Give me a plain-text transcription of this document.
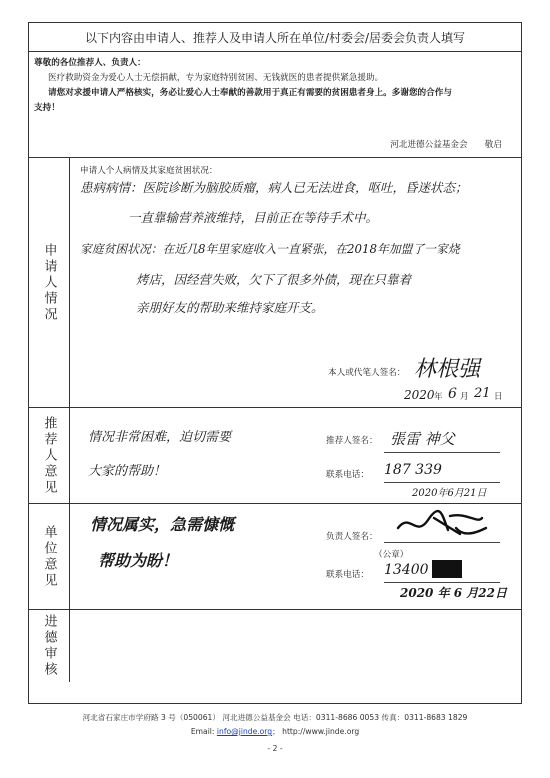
以下内容由申请人、推荐人及申请人所在单位/村委会/居委会负责人填写

尊敬的各位推荐人、负责人：

医疗救助资金为爱心人士无偿捐献，专为家庭特别贫困、无钱就医的患者提供紧急援助。

请您对求援申请人严格核实，务必让爱心人士奉献的善款用于真正有需要的贫困患者身上。多谢您的合作与

支持！

河北进德公益基金会　　敬启
申请人情况
申请人个人病情及其家庭贫困状况：
患病病情：医院诊断为脑胶质瘤，病人已无法进食，呕吐，昏迷状态；
一直靠输营养液维持，目前正在等待手术中。
家庭贫困状况：在近几8年里家庭收入一直紧张，在2018年加盟了一家烧
烤店，因经营失败，欠下了很多外债，现在只靠着
亲朋好友的帮助来维持家庭开支。
本人或代笔人签名： 林根强
2020 年 6 月 21 日
推荐人意见 情况非常困难，迫切需要
大家的帮助！
推荐人签名： 張雷 神父
联系电话： 187 339
2020年6月21日
单位意见 情况属实，急需慷慨
帮助为盼！
负责人签名：
（公章）
联系电话： 13400
2020 年 6 月22日
进德审核
河北省石家庄市学府路 3 号（050061） 河北进德公益基金会 电话：0311-8686 0053 传真：0311-8683 1829
Email: info@jinde.org； http://www.jinde.org
- 2 -
